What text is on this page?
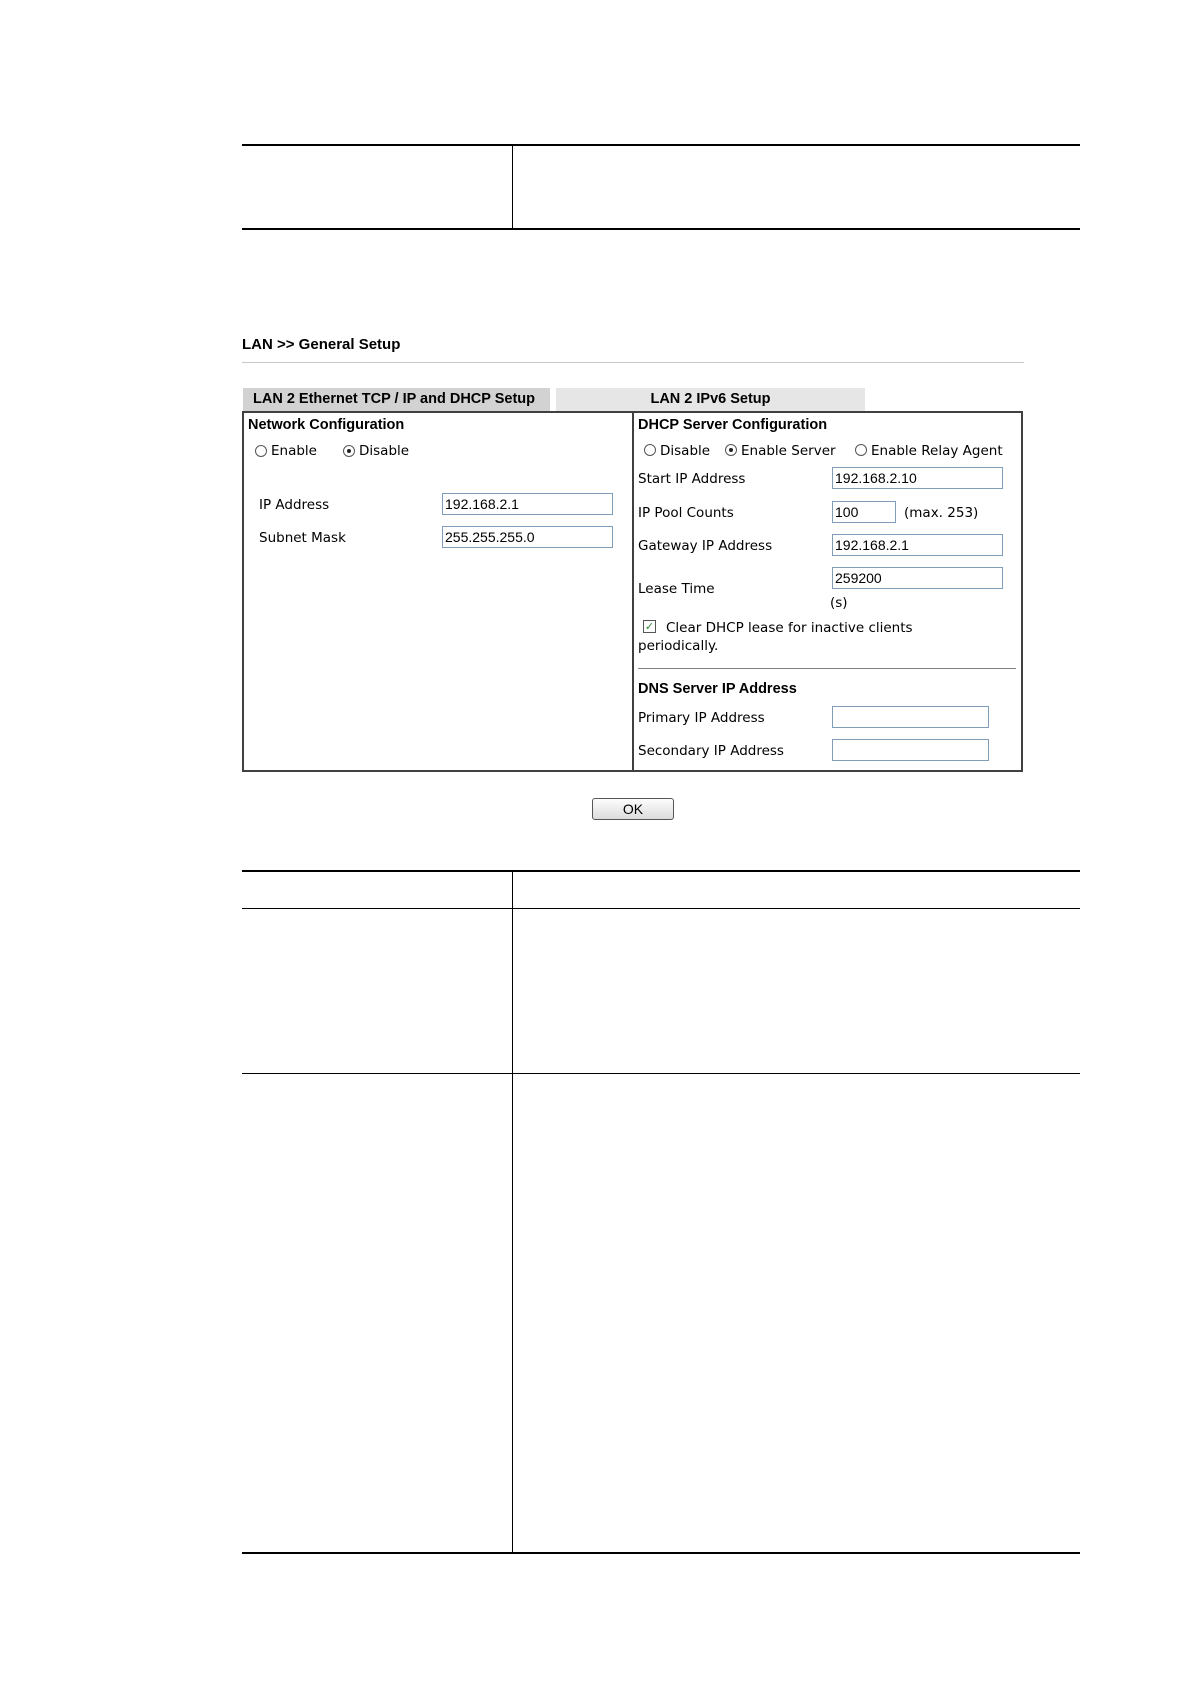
LAN >> General Setup
LAN 2 Ethernet TCP / IP and DHCP Setup	LAN 2 IPv6 Setup
Network Configuration
Enable	Disable
IP Address
192.168.2.1
Subnet Mask
255.255.255.0
DHCP Server Configuration
Disable Enable Server	Enable Relay Agent
Start IP Address
192.168.2.10
IP Pool Counts
100	(max. 253)
Gateway IP Address
192.168.2.1
Lease Time
259200
(s)
✓ Clear DHCP lease for inactive clients
periodically.
DNS Server IP Address
Primary IP Address
Secondary IP Address
OK
